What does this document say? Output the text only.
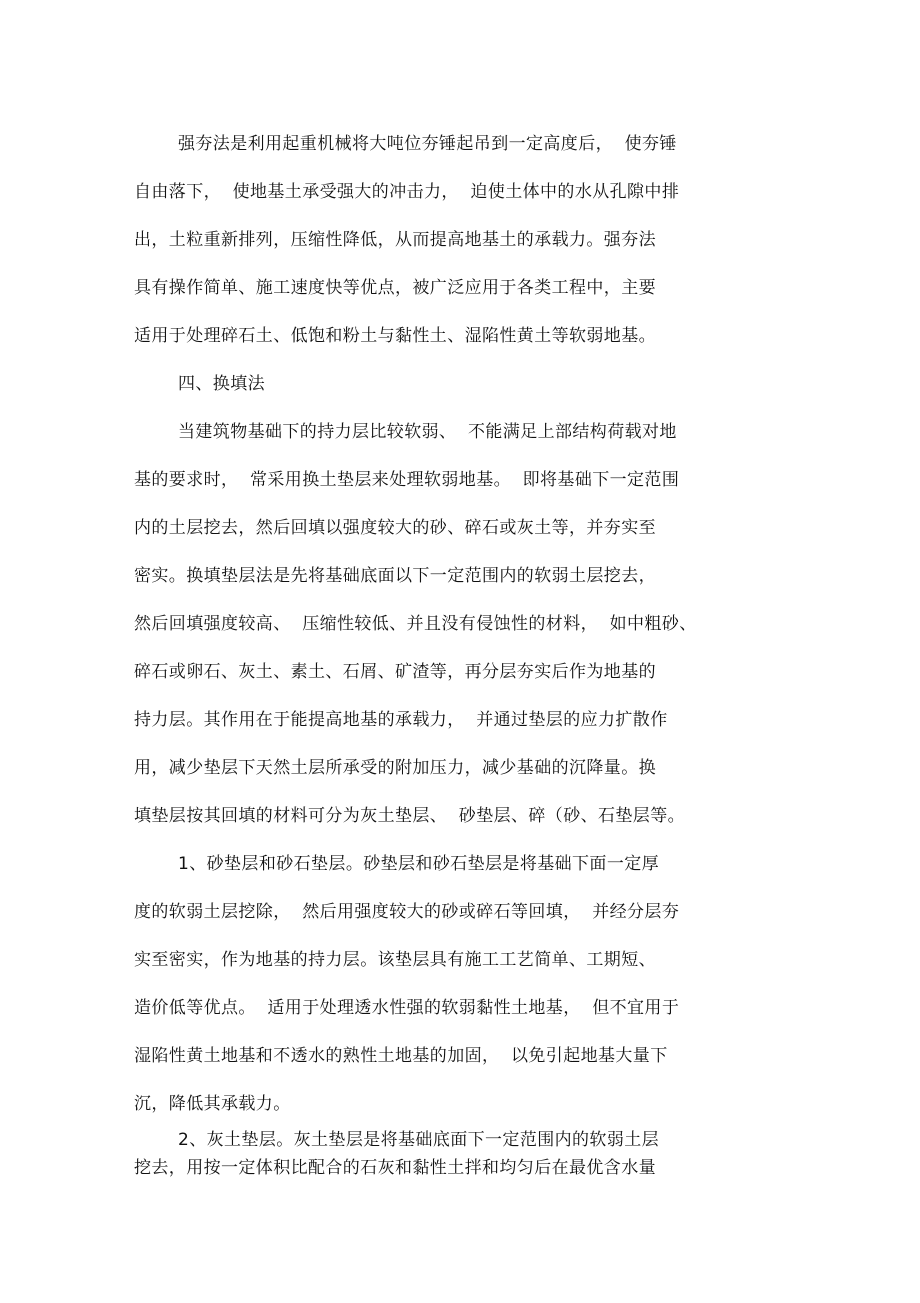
强夯法是利用起重机械将大吨位夯锤起吊到一定高度后，  使夯锤
自由落下，  使地基土承受强大的冲击力，  迫使土体中的水从孔隙中排
出，土粒重新排列，压缩性降低，从而提高地基土的承载力。强夯法
具有操作简单、施工速度快等优点，被广泛应用于各类工程中，主要
适用于处理碎石土、低饱和粉土与黏性土、湿陷性黄土等软弱地基。
四、换填法
当建筑物基础下的持力层比较软弱、  不能满足上部结构荷载对地
基的要求时，  常采用换土垫层来处理软弱地基。  即将基础下一定范围
内的土层挖去，然后回填以强度较大的砂、碎石或灰土等，并夯实至
密实。换填垫层法是先将基础底面以下一定范围内的软弱土层挖去，
然后回填强度较高、  压缩性较低、并且没有侵蚀性的材料，  如中粗砂、
碎石或卵石、灰土、素土、石屑、矿渣等，再分层夯实后作为地基的
持力层。其作用在于能提高地基的承载力，  并通过垫层的应力扩散作
用，减少垫层下天然土层所承受的附加压力，减少基础的沉降量。换
填垫层按其回填的材料可分为灰土垫层、  砂垫层、碎（砂、石垫层等。
1、砂垫层和砂石垫层。砂垫层和砂石垫层是将基础下面一定厚
度的软弱土层挖除，  然后用强度较大的砂或碎石等回填，  并经分层夯
实至密实，作为地基的持力层。该垫层具有施工工艺简单、工期短、
造价低等优点。  适用于处理透水性强的软弱黏性土地基，  但不宜用于
湿陷性黄土地基和不透水的熟性土地基的加固，  以免引起地基大量下
沉，降低其承载力。
2、灰土垫层。灰土垫层是将基础底面下一定范围内的软弱土层
挖去，用按一定体积比配合的石灰和黏性土拌和均匀后在最优含水量
